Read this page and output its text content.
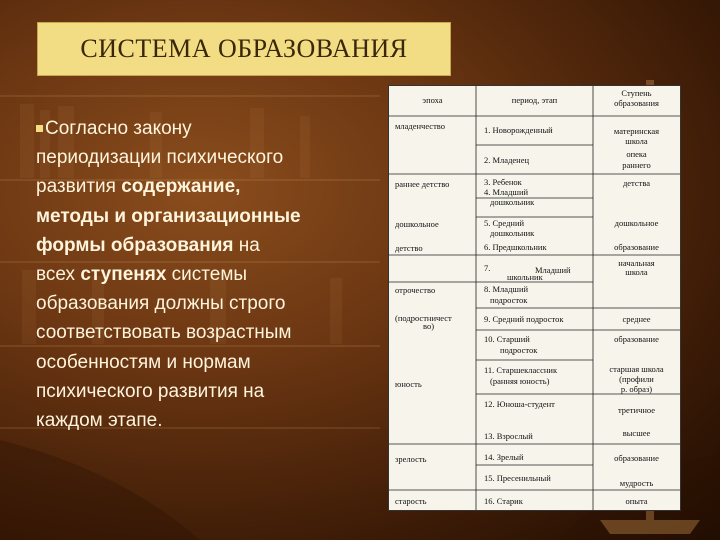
СИСТЕМА ОБРАЗОВАНИЯ
Согласно закону
периодизации психического
развития содержание,
методы и организационные
формы образования на
всех ступенях системы
образования должны строго
соответствовать возрастным
особенностям и нормам
психического развития на
каждом этапе.
эпоха	период, этап
Ступень
образования
младенчество
раннее детство
дошкольное
детство
отрочество
(подростничест
во)
юность
зрелость
старость
1. Новорожденный
2. Младенец
3. Ребенок
4. Младший
дошкольник
5. Средний
дошкольник
6. Предшкольник
7.	Младший
школьник
8. Младший
подросток
9. Средний подросток
10. Старший
подросток
11. Старшеклассник
(ранняя юность)
12. Юноша-студент
13. Взрослый
14. Зрелый
15. Пресенильный
16. Старик
материнская
школа
опека
раннего
детства
дошкольное
образование
начальная
школа
среднее
образование
старшая школа
(профили
р. образ)
третичное
высшее
образование
мудрость
опыта
